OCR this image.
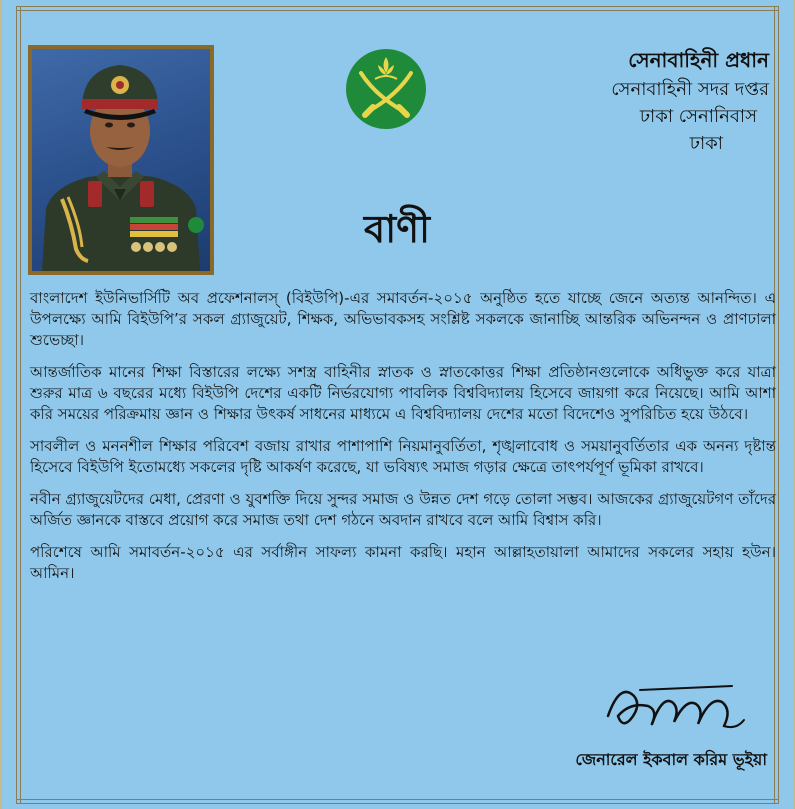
সেনাবাহিনী প্রধান
সেনাবাহিনী সদর দপ্তর
ঢাকা সেনানিবাস
ঢাকা
বাণী

বাংলাদেশ ইউনিভার্সিটি অব প্রফেশনালস্ (বিইউপি)-এর সমাবর্তন-২০১৫ অনুষ্ঠিত হতে যাচ্ছে জেনে অত্যন্ত আনন্দিত। এ উপলক্ষ্যে আমি বিইউপি’র সকল গ্র্যাজুয়েট, শিক্ষক, অভিভাবকসহ সংশ্লিষ্ট সকলকে জানাচ্ছি আন্তরিক অভিনন্দন ও প্রাণঢালা শুভেচ্ছা।

আন্তর্জাতিক মানের শিক্ষা বিস্তারের লক্ষ্যে সশস্ত্র বাহিনীর স্নাতক ও স্নাতকোত্তর শিক্ষা প্রতিষ্ঠানগুলোকে অধিভুক্ত করে যাত্রা শুরুর মাত্র ৬ বছরের মধ্যে বিইউপি দেশের একটি নির্ভরযোগ্য পাবলিক বিশ্ববিদ্যালয় হিসেবে জায়গা করে নিয়েছে। আমি আশা করি সময়ের পরিক্রমায় জ্ঞান ও শিক্ষার উৎকর্ষ সাধনের মাধ্যমে এ বিশ্ববিদ্যালয় দেশের মতো বিদেশেও সুপরিচিত হয়ে উঠবে।

সাবলীল ও মননশীল শিক্ষার পরিবেশ বজায় রাখার পাশাপাশি নিয়মানুবর্তিতা, শৃঙ্খলাবোধ ও সময়ানুবর্তিতার এক অনন্য দৃষ্টান্ত হিসেবে বিইউপি ইতোমধ্যে সকলের দৃষ্টি আকর্ষণ করেছে, যা ভবিষ্যৎ সমাজ গড়ার ক্ষেত্রে তাৎপর্যপূর্ণ ভূমিকা রাখবে।

নবীন গ্র্যাজুয়েটদের মেধা, প্রেরণা ও যুবশক্তি দিয়ে সুন্দর সমাজ ও উন্নত দেশ গড়ে তোলা সম্ভব। আজকের গ্র্যাজুয়েটগণ তাঁদের অর্জিত জ্ঞানকে বাস্তবে প্রয়োগ করে সমাজ তথা দেশ গঠনে অবদান রাখবে বলে আমি বিশ্বাস করি।

পরিশেষে আমি সমাবর্তন-২০১৫ এর সর্বাঙ্গীন সাফল্য কামনা করছি। মহান আল্লাহতায়ালা আমাদের সকলের সহায় হউন। আমিন।

জেনারেল ইকবাল করিম ভূইয়া
